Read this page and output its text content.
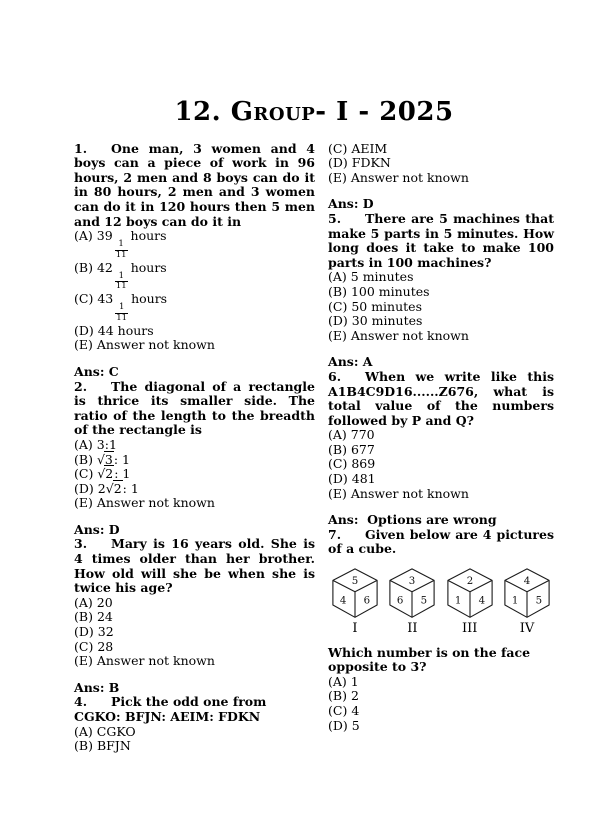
12. Group- I - 2025

1. One man, 3 women and 4 boys can a piece of work in 96 hours, 2 men and 8 boys can do it in 80 hours, 2 men and 3 women can do it in 120 hours then 5 men and 12 boys can do it in

(A) 39
$\frac{1}{11}$
hours

(B) 42
$\frac{1}{11}$
hours

(C) 43
$\frac{1}{11}$
hours

(D) 44 hours

(E) Answer not known

Ans: C

2. The diagonal of a rectangle is thrice its smaller side. The ratio of the length to the breadth of the rectangle is

(A) 3:1

(B) √3: 1

(C) √2: 1

(D) 2√2: 1

(E) Answer not known

Ans: D

3. Mary is 16 years old. She is 4 times older than her brother. How old will she be when she is twice his age?

(A) 20

(B) 24

(D) 32

(C) 28

(E) Answer not known

Ans: B

4. Pick the odd one from

CGKO: BFJN: AEIM: FDKN

(A) CGKO

(B) BFJN

(C) AEIM

(D) FDKN

(E) Answer not known

Ans: D

5. There are 5 machines that make 5 parts in 5 minutes. How long does it take to make 100 parts in 100 machines?

(A) 5 minutes

(B) 100 minutes

(C) 50 minutes

(D) 30 minutes

(E) Answer not known

Ans: A

6. When we write like this A1B4C9D16......Z676, what is total value of the numbers followed by P and Q?

(A) 770

(B) 677

(C) 869

(D) 481

(E) Answer not known

Ans:  Options are wrong

7. Given below are 4 pictures of a cube.

5
4 6
I
3
6 5
II
2
1 4
III
4
1 5
IV

Which number is on the face opposite to 3?

(A) 1

(B) 2

(C) 4

(D) 5
